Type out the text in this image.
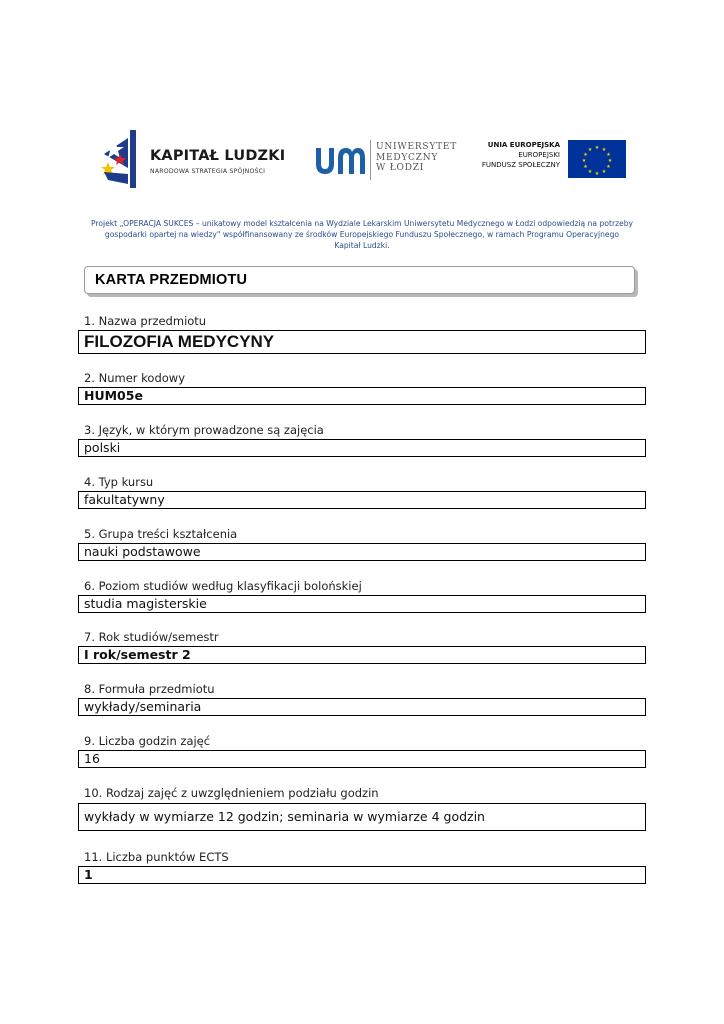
KAPITAŁ LUDZKI
NARODOWA STRATEGIA SPÓJNOŚCI
UNIWERSYTET
MEDYCZNY
W ŁODZI
UNIA EUROPEJSKA
EUROPEJSKI
FUNDUSZ SPOŁECZNY
★ ★
★
★
★
★
★
★
★
★
★
★
Projekt „OPERACJA SUKCES – unikatowy model kształcenia na Wydziale Lekarskim Uniwersytetu Medycznego w Łodzi odpowiedzią na potrzeby
gospodarki opartej na wiedzy" współfinansowany ze środków Europejskiego Funduszu Społecznego, w ramach Programu Operacyjnego
Kapitał Ludzki.
KARTA PRZEDMIOTU
1. Nazwa przedmiotu
FILOZOFIA MEDYCYNY
2. Numer kodowy
HUM05e
3. Język, w którym prowadzone są zajęcia
polski
4. Typ kursu
fakultatywny
5. Grupa treści kształcenia
nauki podstawowe
6. Poziom studiów według klasyfikacji bolońskiej
studia magisterskie
7. Rok studiów/semestr
I rok/semestr 2
8. Formuła przedmiotu
wykłady/seminaria
9. Liczba godzin zajęć
16
10. Rodzaj zajęć z uwzględnieniem podziału godzin
wykłady w wymiarze 12 godzin; seminaria w wymiarze 4 godzin
11. Liczba punktów ECTS
1
